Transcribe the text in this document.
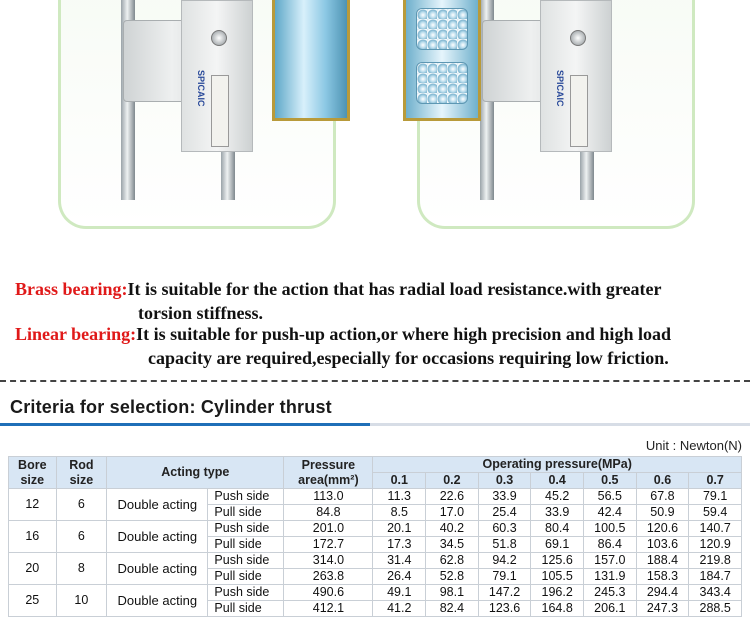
SPICAIC	SPICAIC
Brass bearing:It is suitable for the action that has radial load resistance.with greater
torsion stiffness.
Linear bearing:It is suitable for push-up action,or where high precision and high load
capacity are required,especially for occasions requiring low friction.
Criteria for selection: Cylinder thrust
Unit : Newton(N)
Bore size	Rod size	Acting type		Pressure area(mm²)	Operating pressure(MPa)						
					0.1	0.2	0.3	0.4	0.5	0.6	0.7
12	6	Double acting	Push side	113.0	11.3	22.6	33.9	45.2	56.5	67.8	79.1
			Pull side	84.8	8.5	17.0	25.4	33.9	42.4	50.9	59.4
16	6	Double acting	Push side	201.0	20.1	40.2	60.3	80.4	100.5	120.6	140.7
			Pull side	172.7	17.3	34.5	51.8	69.1	86.4	103.6	120.9
20	8	Double acting	Push side	314.0	31.4	62.8	94.2	125.6	157.0	188.4	219.8
			Pull side	263.8	26.4	52.8	79.1	105.5	131.9	158.3	184.7
25	10	Double acting	Push side	490.6	49.1	98.1	147.2	196.2	245.3	294.4	343.4
			Pull side	412.1	41.2	82.4	123.6	164.8	206.1	247.3	288.5
